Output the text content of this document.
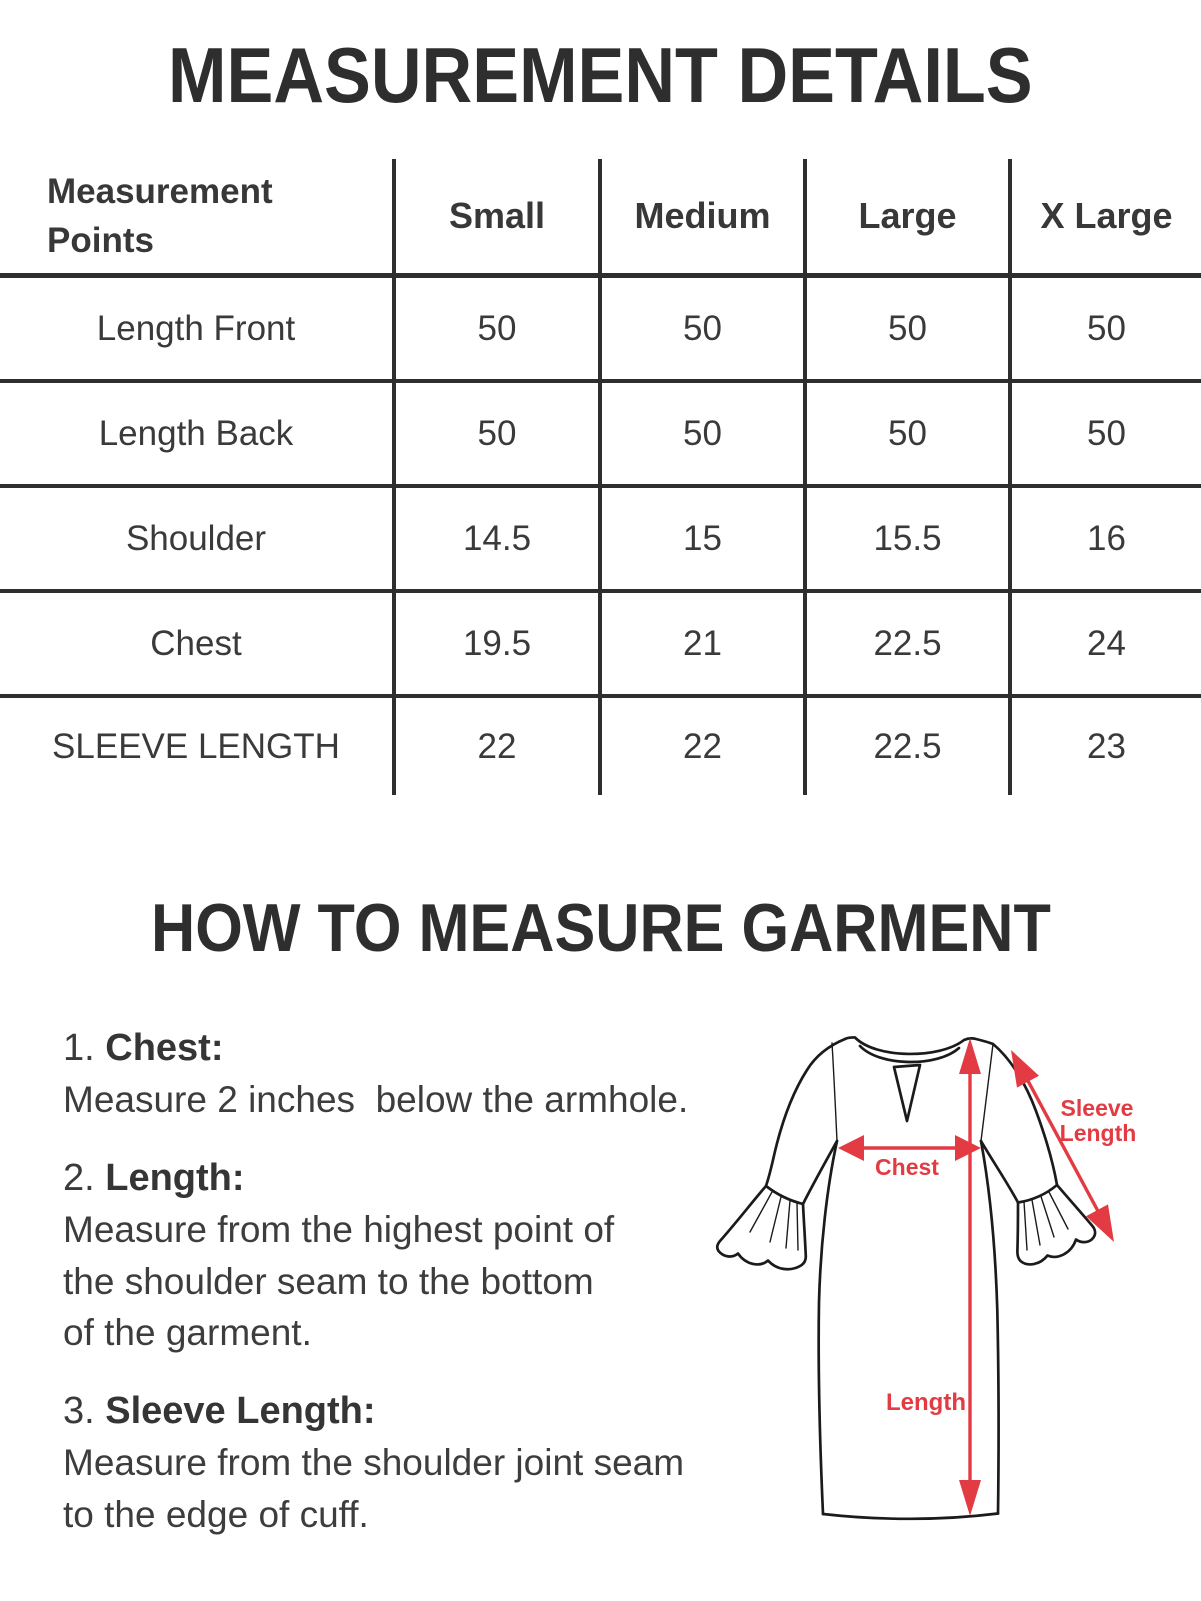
MEASUREMENT DETAILS
Measurement
Points	Small	Medium	Large	X Large
Length Front	50	50	50	50
Length Back	50	50	50	50
Shoulder	14.5	15	15.5	16
Chest	19.5	21	22.5	24
SLEEVE LENGTH	22	22	22.5	23
HOW TO MEASURE GARMENT
1. Chest:
Measure 2 inches  below the armhole.
2. Length:
Measure from the highest point of
the shoulder seam to the bottom
of the garment.
3. Sleeve Length:
Measure from the shoulder joint seam
to the edge of cuff.
Chest
Sleeve
Length
Length
